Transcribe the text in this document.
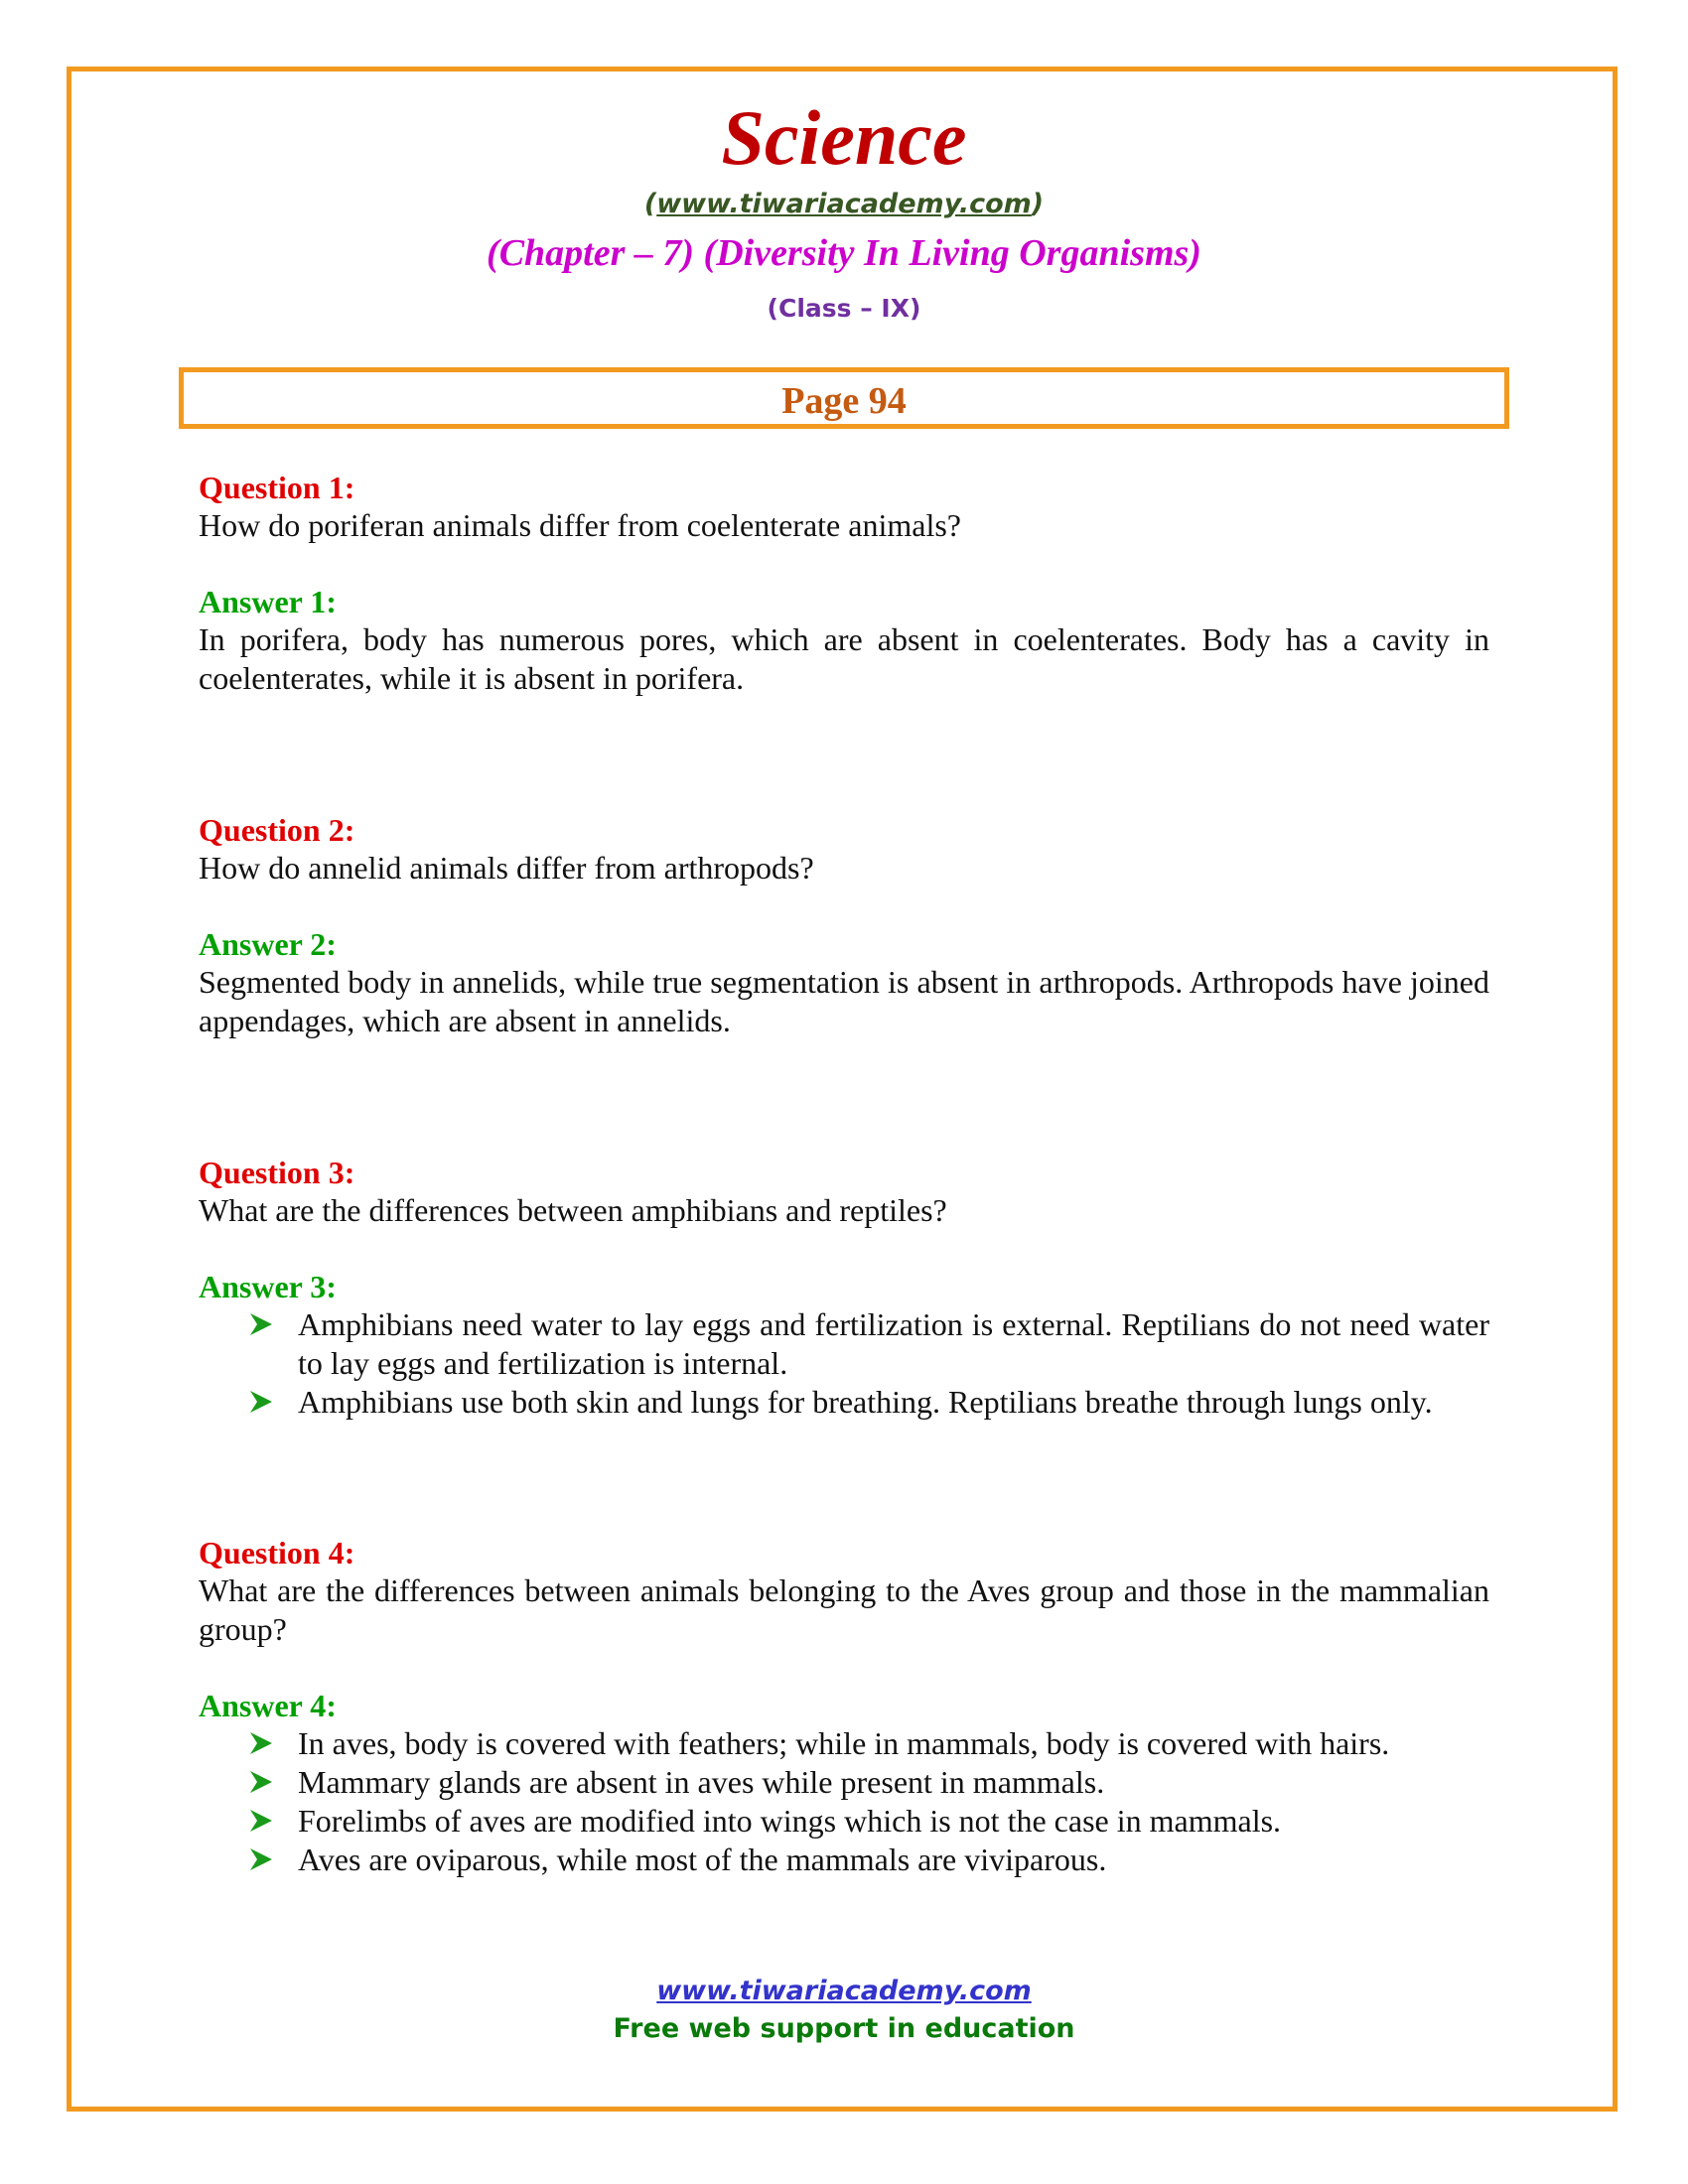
Science
(www.tiwariacademy.com)
(Chapter – 7) (Diversity In Living Organisms)
(Class – IX)
Page 94
Question 1:
How do poriferan animals differ from coelenterate animals?
Answer 1:
In porifera, body has numerous pores, which are absent in coelenterates. Body has a cavity in coelenterates, while it is absent in porifera.
Question 2:
How do annelid animals differ from arthropods?
Answer 2:
Segmented body in annelids, while true segmentation is absent in arthropods. Arthropods have joined appendages, which are absent in annelids.
Question 3:
What are the differences between amphibians and reptiles?
Answer 3:
Amphibians need water to lay eggs and fertilization is external. Reptilians do not need water to lay eggs and fertilization is internal.
Amphibians use both skin and lungs for breathing. Reptilians breathe through lungs only.
Question 4:
What are the differences between animals belonging to the Aves group and those in the mammalian group?
Answer 4:
In aves, body is covered with feathers; while in mammals, body is covered with hairs.
Mammary glands are absent in aves while present in mammals.
Forelimbs of aves are modified into wings which is not the case in mammals.
Aves are oviparous, while most of the mammals are viviparous.
www.tiwariacademy.com
Free web support in education
